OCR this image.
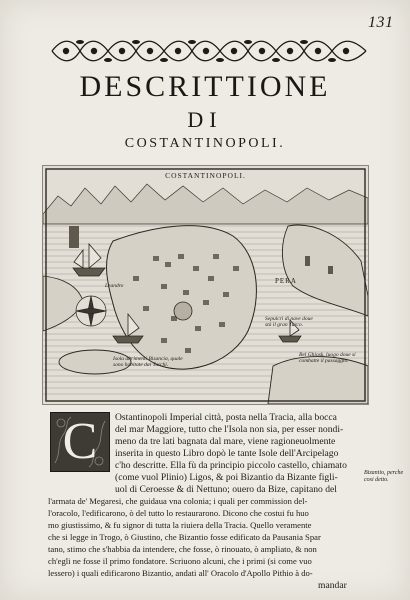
131
DESCRITTIONE
DI
COSTANTINOPOLI.
COSTANTINOPOLI.
PERA
Leandro
Isola altrimenti Bisancia, quale sono habitate dai Turchi.
Sepulcri di nave doue stà il gran Turco.
Bel Ghiosk, luogo doue si combatte il passaggio.
C	Ostantinopoli Imperial città, posta nella Tracia, alla bocca
del mar Maggiore, tutto che l'Isola non sia, per esser nondi-
meno da tre lati bagnata dal mare, viene ragioneuolmente
inserita in questo Libro dopò le tante Isole dell'Arcipelago
c'ho descritte. Ella fù da principio piccolo castello, chiamato
(come vuol Plinio) Ligos, & poi Bizantio da Bizante figli-
uol di Ceroesse & di Nettuno; ouero da Bize, capitano del
l'armata de' Megaresi, che guidaua vna colonia; i quali per commission del-
l'oracolo, l'edificarono, ò del tutto lo restaurarono. Dicono che costui fu huo
mo giustissimo, & fu signor di tutta la riuiera della Tracia. Quello veramente
che si legge in Trogo, ò Giustino, che Bizantio fosse edificato da Pausania Spar
tano, stimo che s'habbia da intendere, che fosse, ò rinouato, ò ampliato, & non
ch'egli ne fosse il primo fondatore. Scriuono alcuni, che i primi (si come vuo
lessero) i quali edificarono Bizantio, andati all' Oracolo d'Apollo Pithio à do-
mandar
Bizantio, perche cosi detto.
